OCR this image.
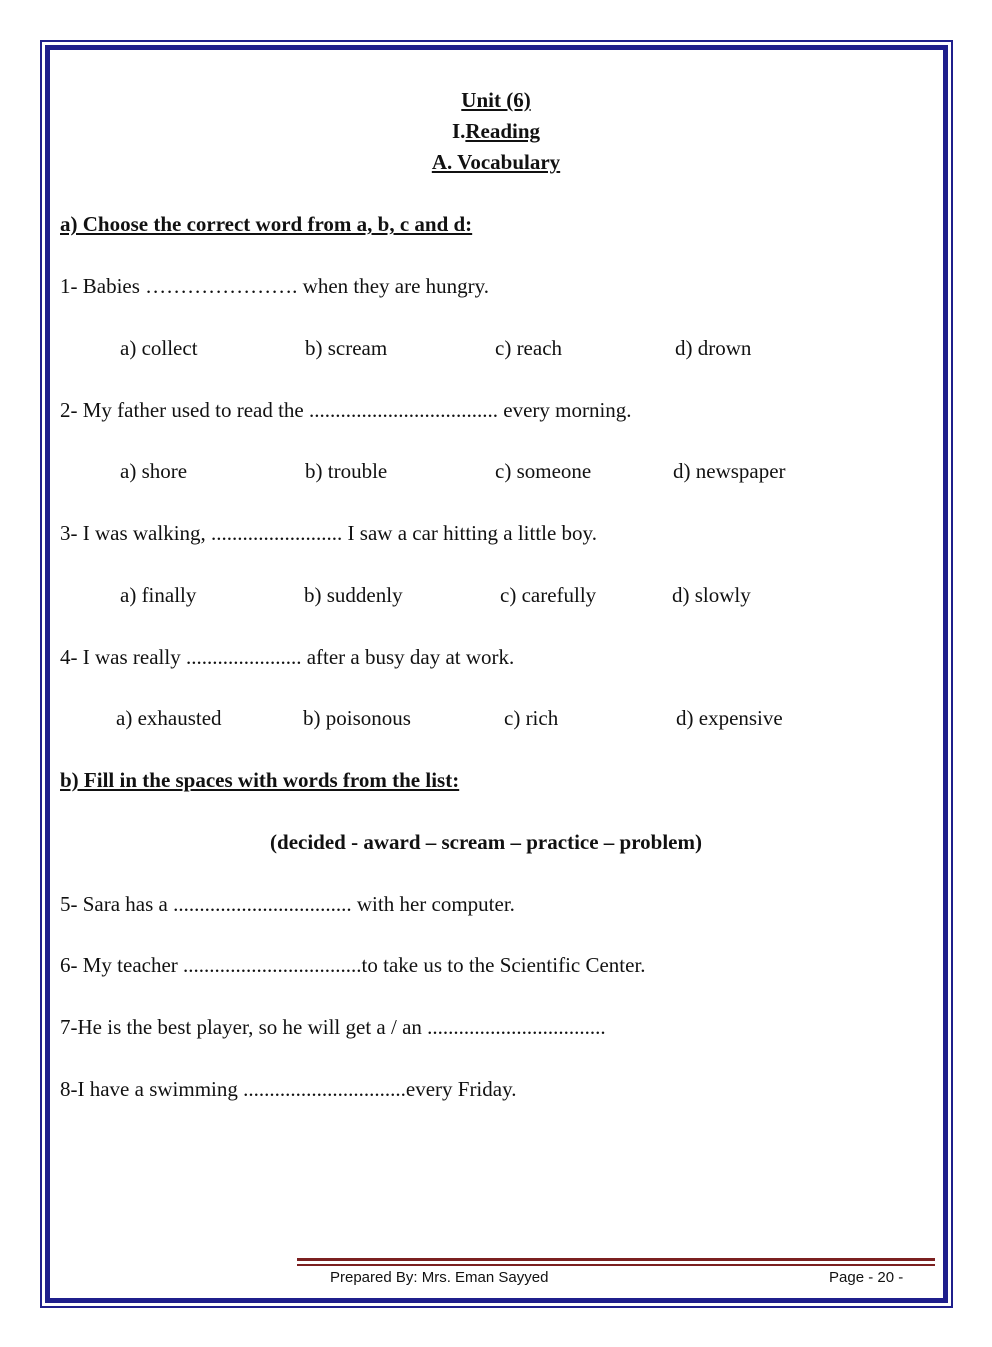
Unit (6)
I.Reading
A. Vocabulary
a) Choose the correct word from a, b, c and d:
1- Babies …………………. when they are hungry.
a) collect	b) scream	c) reach	d) drown
2- My father used to read the .................................... every morning.
a) shore	b) trouble	c) someone	d) newspaper
3- I was walking, ......................... I saw a car hitting a little boy.
a) finally	b) suddenly	c) carefully	d) slowly
4- I was really ...................... after a busy day at work.
a) exhausted	b) poisonous	c) rich	d) expensive
b) Fill in the spaces with words from the list:
(decided - award – scream – practice – problem)
5- Sara has a .................................. with her computer.
6- My teacher ..................................to take us to the Scientific Center.
7-He is the best player, so he will get a / an ..................................
8-I have a swimming ...............................every Friday.
Prepared By: Mrs. Eman Sayyed	Page - 20 -
